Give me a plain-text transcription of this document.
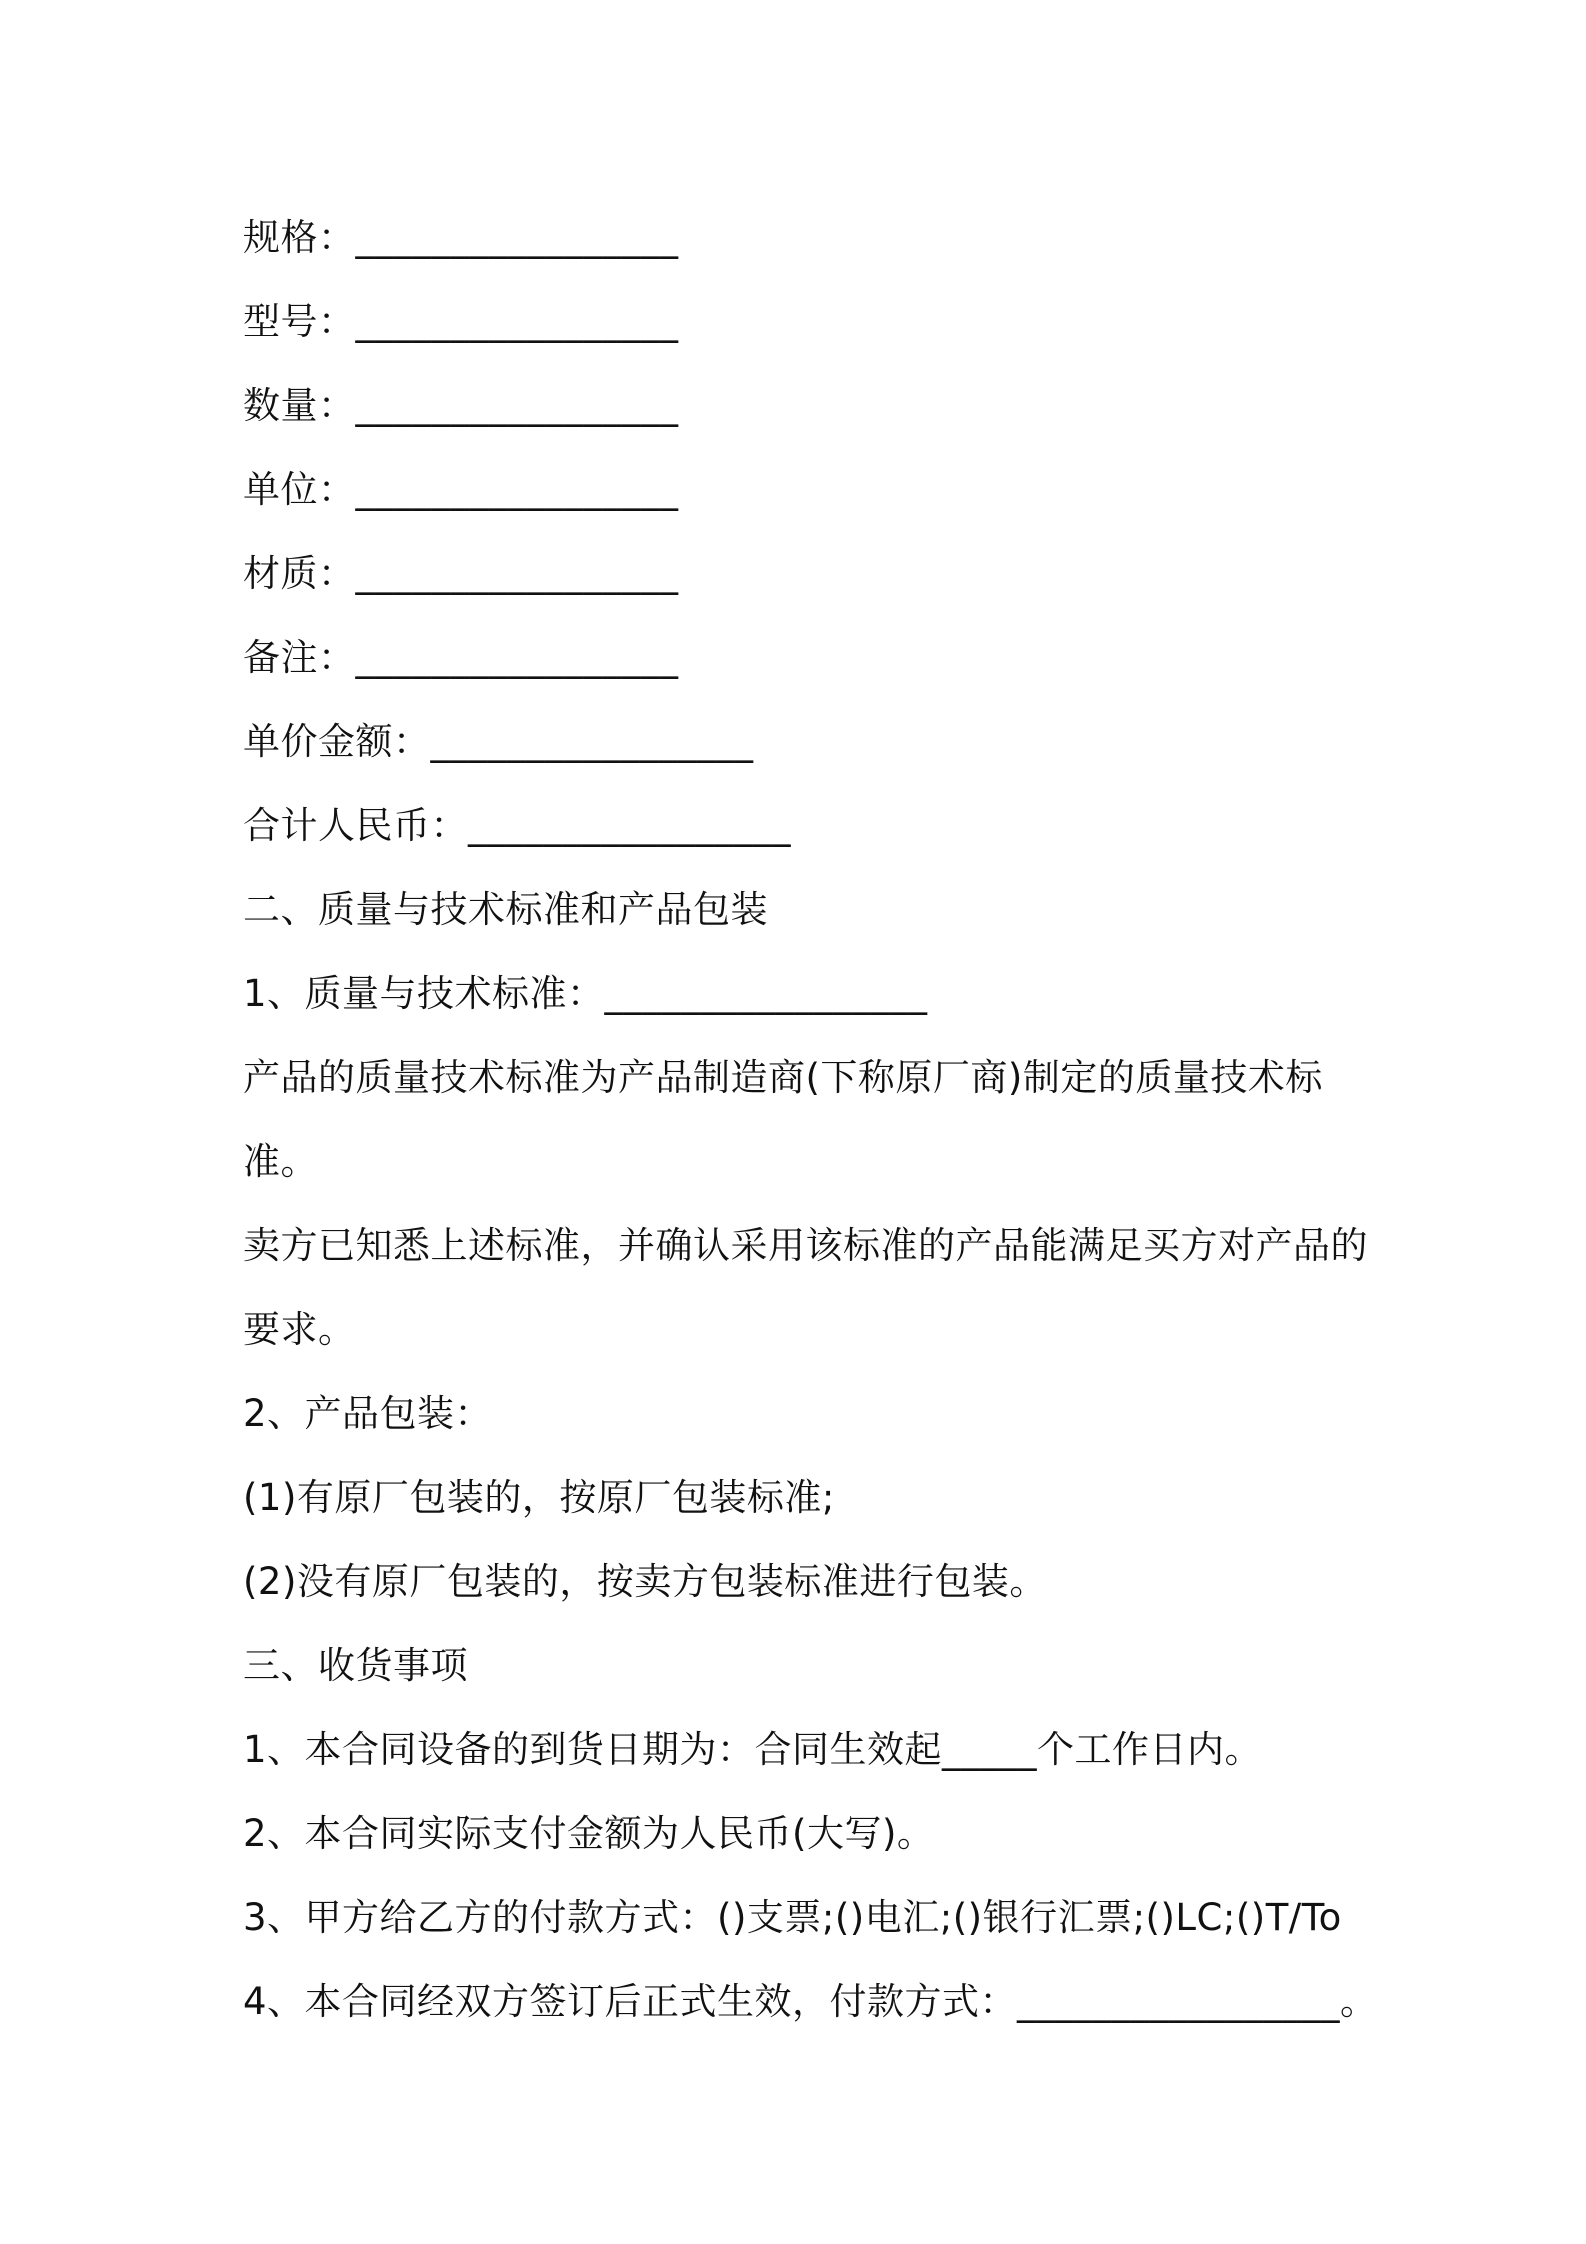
规格：_________________
型号：_________________
数量：_________________
单位：_________________
材质：_________________
备注：_________________
单价金额：_________________
合计人民币：_________________
二、质量与技术标准和产品包装
1、质量与技术标准：_________________
产品的质量技术标准为产品制造商(下称原厂商)制定的质量技术标准。
卖方已知悉上述标准，并确认采用该标准的产品能满足买方对产品的要求。
2、产品包装：
(1)有原厂包装的，按原厂包装标准;
(2)没有原厂包装的，按卖方包装标准进行包装。
三、收货事项
1、本合同设备的到货日期为：合同生效起_____个工作日内。
2、本合同实际支付金额为人民币(大写)。
3、甲方给乙方的付款方式：()支票;()电汇;()银行汇票;()LC;()T/To
4、本合同经双方签订后正式生效，付款方式：_________________。
